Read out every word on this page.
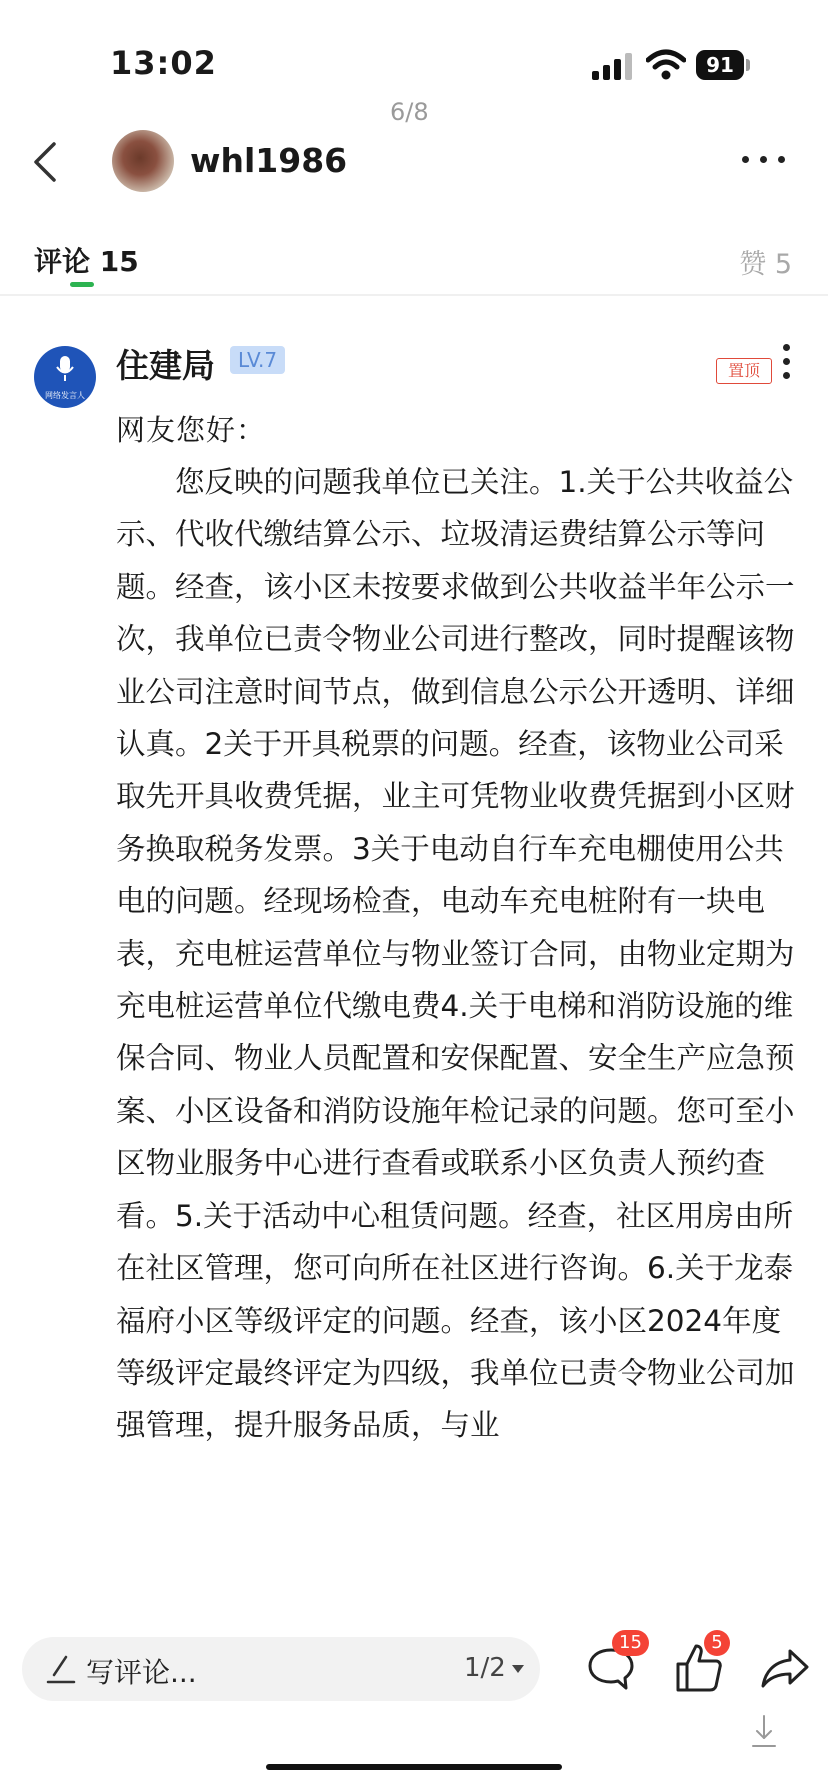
13:02	91
6/8
whl1986
评论 15	赞 5
网络发言人
住建局	LV.7	置顶
网友您好：

您反映的问题我单位已关注。1.关于公共收益公示、代收代缴结算公示、垃圾清运费结算公示等问题。经查，该小区未按要求做到公共收益半年公示一次，我单位已责令物业公司进行整改，同时提醒该物业公司注意时间节点，做到信息公示公开透明、详细认真。2关于开具税票的问题。经查，该物业公司采取先开具收费凭据，业主可凭物业收费凭据到小区财务换取税务发票。3关于电动自行车充电棚使用公共电的问题。经现场检查，电动车充电桩附有一块电表，充电桩运营单位与物业签订合同，由物业定期为充电桩运营单位代缴电费4.关于电梯和消防设施的维保合同、物业人员配置和安保配置、安全生产应急预案、小区设备和消防设施年检记录的问题。您可至小区物业服务中心进行查看或联系小区负责人预约查看。5.关于活动中心租赁问题。经查，社区用房由所在社区管理，您可向所在社区进行咨询。6.关于龙泰福府小区等级评定的问题。经查，该小区2024年度等级评定最终评定为四级，我单位已责令物业公司加强管理，提升服务品质，与业

写评论...	1/2
15	5
